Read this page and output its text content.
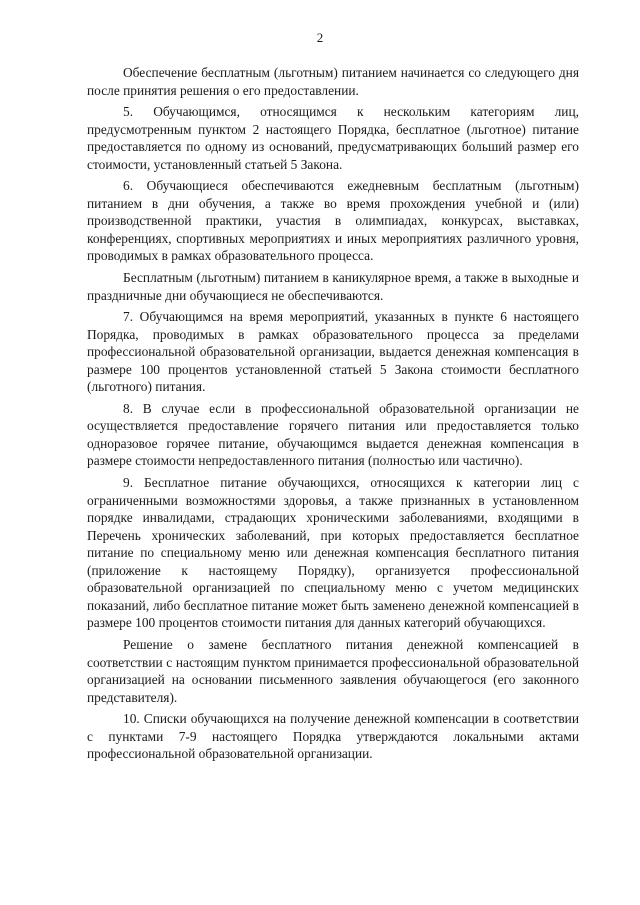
2

Обеспечение бесплатным (льготным) питанием начинается со следующего дня после принятия решения о его предоставлении.

5. Обучающимся, относящимся к нескольким категориям лиц, предусмотренным пунктом 2 настоящего Порядка, бесплатное (льготное) питание предоставляется по одному из оснований, предусматривающих больший размер его стоимости, установленный статьей 5 Закона.

6. Обучающиеся обеспечиваются ежедневным бесплатным (льготным) питанием в дни обучения, а также во время прохождения учебной и (или) производственной практики, участия в олимпиадах, конкурсах, выставках, конференциях, спортивных мероприятиях и иных мероприятиях различного уровня, проводимых в рамках образовательного процесса.

Бесплатным (льготным) питанием в каникулярное время, а также в выходные и праздничные дни обучающиеся не обеспечиваются.

7. Обучающимся на время мероприятий, указанных в пункте 6 настоящего Порядка, проводимых в рамках образовательного процесса за пределами профессиональной образовательной организации, выдается денежная компенсация в размере 100 процентов установленной статьей 5 Закона стоимости бесплатного (льготного) питания.

8. В случае если в профессиональной образовательной организации не осуществляется предоставление горячего питания или предоставляется только одноразовое горячее питание, обучающимся выдается денежная компенсация в размере стоимости непредоставленного питания (полностью или частично).

9. Бесплатное питание обучающихся, относящихся к категории лиц с ограниченными возможностями здоровья, а также признанных в установленном порядке инвалидами, страдающих хроническими заболеваниями, входящими в Перечень хронических заболеваний, при которых предоставляется бесплатное питание по специальному меню или денежная компенсация бесплатного питания (приложение к настоящему Порядку), организуется профессиональной образовательной организацией по специальному меню с учетом медицинских показаний, либо бесплатное питание может быть заменено денежной компенсацией в размере 100 процентов стоимости питания для данных категорий обучающихся.

Решение о замене бесплатного питания денежной компенсацией в соответствии с настоящим пунктом принимается профессиональной образовательной организацией на основании письменного заявления обучающегося (его законного представителя).

10. Списки обучающихся на получение денежной компенсации в соответствии с пунктами 7-9 настоящего Порядка утверждаются локальными актами профессиональной образовательной организации.
